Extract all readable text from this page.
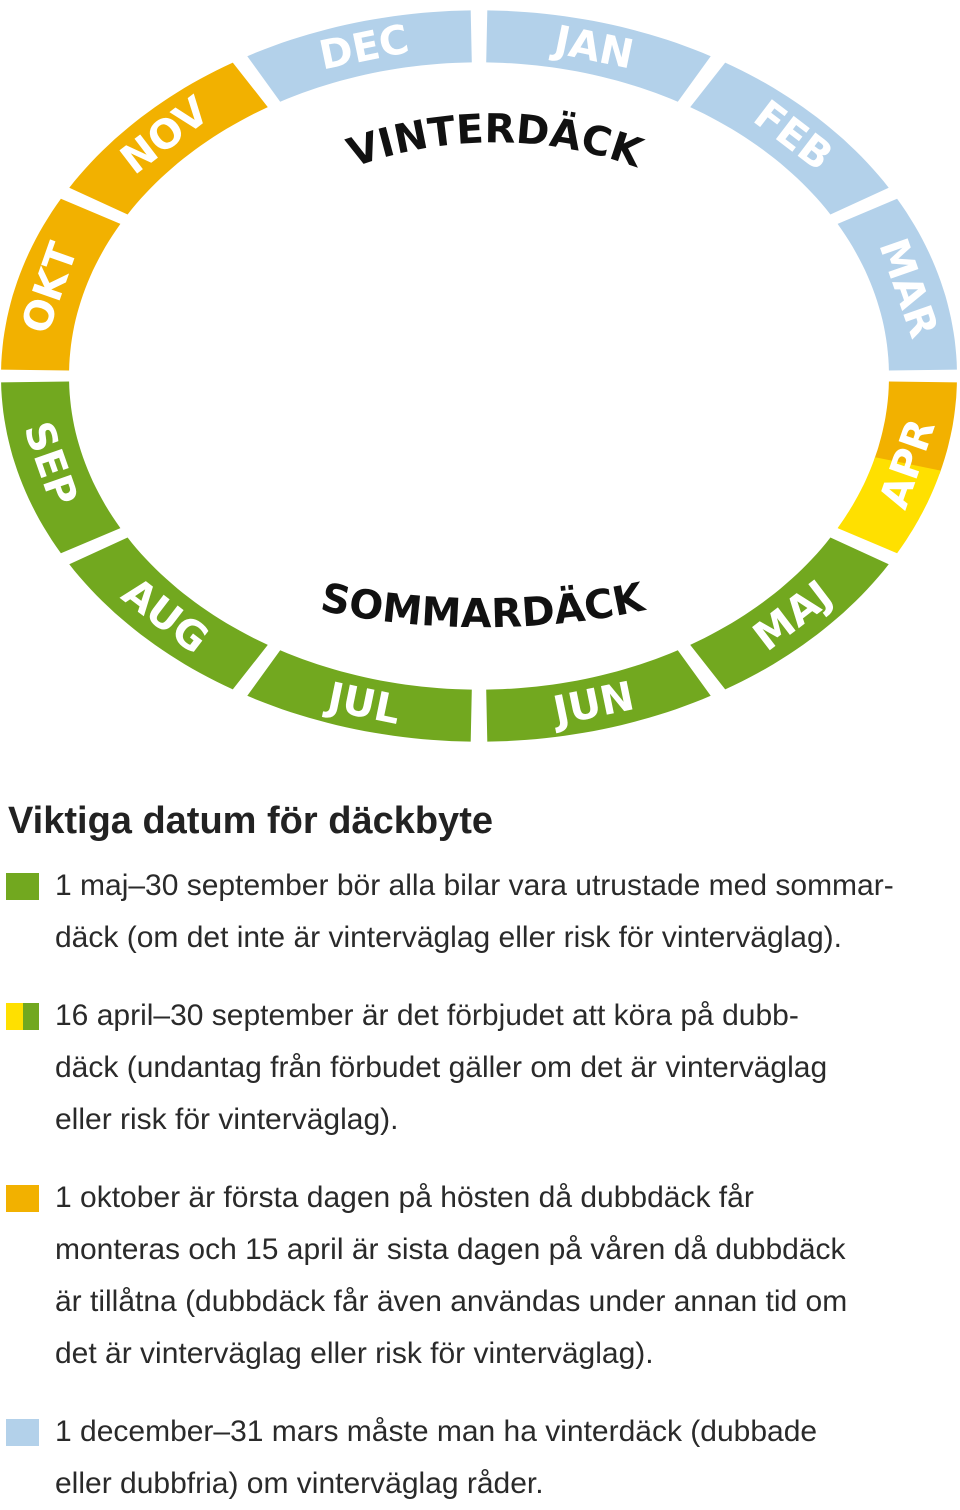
JAN
FEB
MAR
APR
MAJ
JUN
JUL
AUG
SEP
OKT
NOV
DEC
VINTERDÄCK
SOMMARDÄCK
Viktiga datum för däckbyte

1 maj–30 september bör alla bilar vara utrustade med sommar-
däck (om det inte är vinterväglag eller risk för vinterväglag).

16 april–30 september är det förbjudet att köra på dubb-
däck (undantag från förbudet gäller om det är vinterväglag
eller risk för vinterväglag).

1 oktober är första dagen på hösten då dubbdäck får
monteras och 15 april är sista dagen på våren då dubbdäck
är tillåtna (dubbdäck får även användas under annan tid om
det är vinterväglag eller risk för vinterväglag).

1 december–31 mars måste man ha vinterdäck (dubbade
eller dubbfria) om vinterväglag råder.
